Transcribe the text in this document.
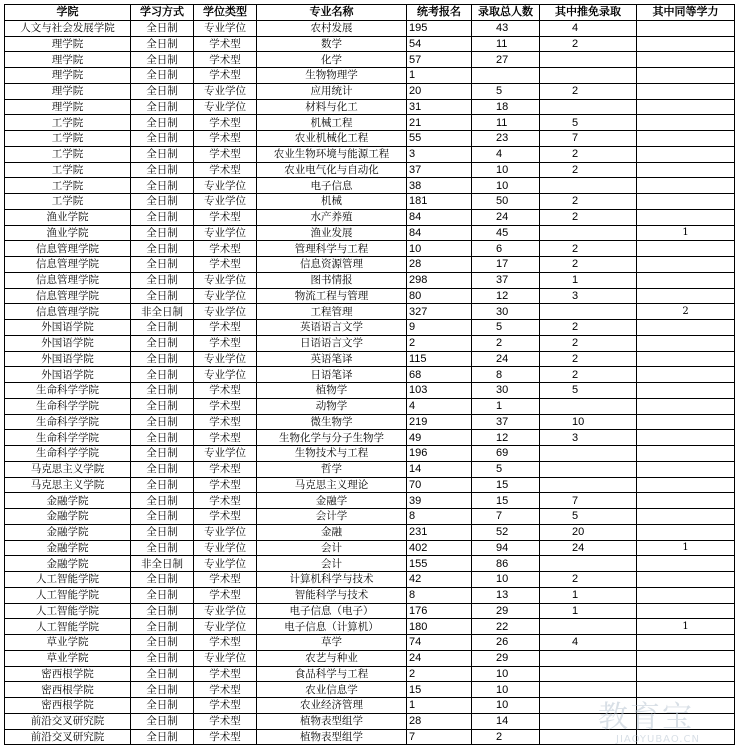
学院	学习方式	学位类型	专业名称	统考报名	录取总人数	其中推免录取	其中同等学力
人文与社会发展学院	全日制	专业学位	农村发展	195	43	4	
理学院	全日制	学术型	数学	54	11	2	
理学院	全日制	学术型	化学	57	27		
理学院	全日制	学术型	生物物理学	1			
理学院	全日制	专业学位	应用统计	20	5	2	
理学院	全日制	专业学位	材料与化工	31	18		
工学院	全日制	学术型	机械工程	21	11	5	
工学院	全日制	学术型	农业机械化工程	55	23	7	
工学院	全日制	学术型	农业生物环境与能源工程	3	4	2	
工学院	全日制	学术型	农业电气化与自动化	37	10	2	
工学院	全日制	专业学位	电子信息	38	10		
工学院	全日制	专业学位	机械	181	50	2	
渔业学院	全日制	学术型	水产养殖	84	24	2	
渔业学院	全日制	专业学位	渔业发展	84	45		1
信息管理学院	全日制	学术型	管理科学与工程	10	6	2	
信息管理学院	全日制	学术型	信息资源管理	28	17	2	
信息管理学院	全日制	专业学位	图书情报	298	37	1	
信息管理学院	全日制	专业学位	物流工程与管理	80	12	3	
信息管理学院	非全日制	专业学位	工程管理	327	30		2
外国语学院	全日制	学术型	英语语言文学	9	5	2	
外国语学院	全日制	学术型	日语语言文学	2	2	2	
外国语学院	全日制	专业学位	英语笔译	115	24	2	
外国语学院	全日制	专业学位	日语笔译	68	8	2	
生命科学学院	全日制	学术型	植物学	103	30	5	
生命科学学院	全日制	学术型	动物学	4	1		
生命科学学院	全日制	学术型	微生物学	219	37	10	
生命科学学院	全日制	学术型	生物化学与分子生物学	49	12	3	
生命科学学院	全日制	专业学位	生物技术与工程	196	69		
马克思主义学院	全日制	学术型	哲学	14	5		
马克思主义学院	全日制	学术型	马克思主义理论	70	15		
金融学院	全日制	学术型	金融学	39	15	7	
金融学院	全日制	学术型	会计学	8	7	5	
金融学院	全日制	专业学位	金融	231	52	20	
金融学院	全日制	专业学位	会计	402	94	24	1
金融学院	非全日制	专业学位	会计	155	86		
人工智能学院	全日制	学术型	计算机科学与技术	42	10	2	
人工智能学院	全日制	学术型	智能科学与技术	8	13	1	
人工智能学院	全日制	专业学位	电子信息（电子）	176	29	1	
人工智能学院	全日制	专业学位	电子信息（计算机）	180	22		1
草业学院	全日制	学术型	草学	74	26	4	
草业学院	全日制	专业学位	农艺与种业	24	29		
密西根学院	全日制	学术型	食品科学与工程	2	10		
密西根学院	全日制	学术型	农业信息学	15	10		
密西根学院	全日制	学术型	农业经济管理	1	10		
前沿交叉研究院	全日制	学术型	植物表型组学	28	14		
前沿交叉研究院	全日制	学术型	植物表型组学	7	2		
教育宝
JIAOYUBAO.CN
